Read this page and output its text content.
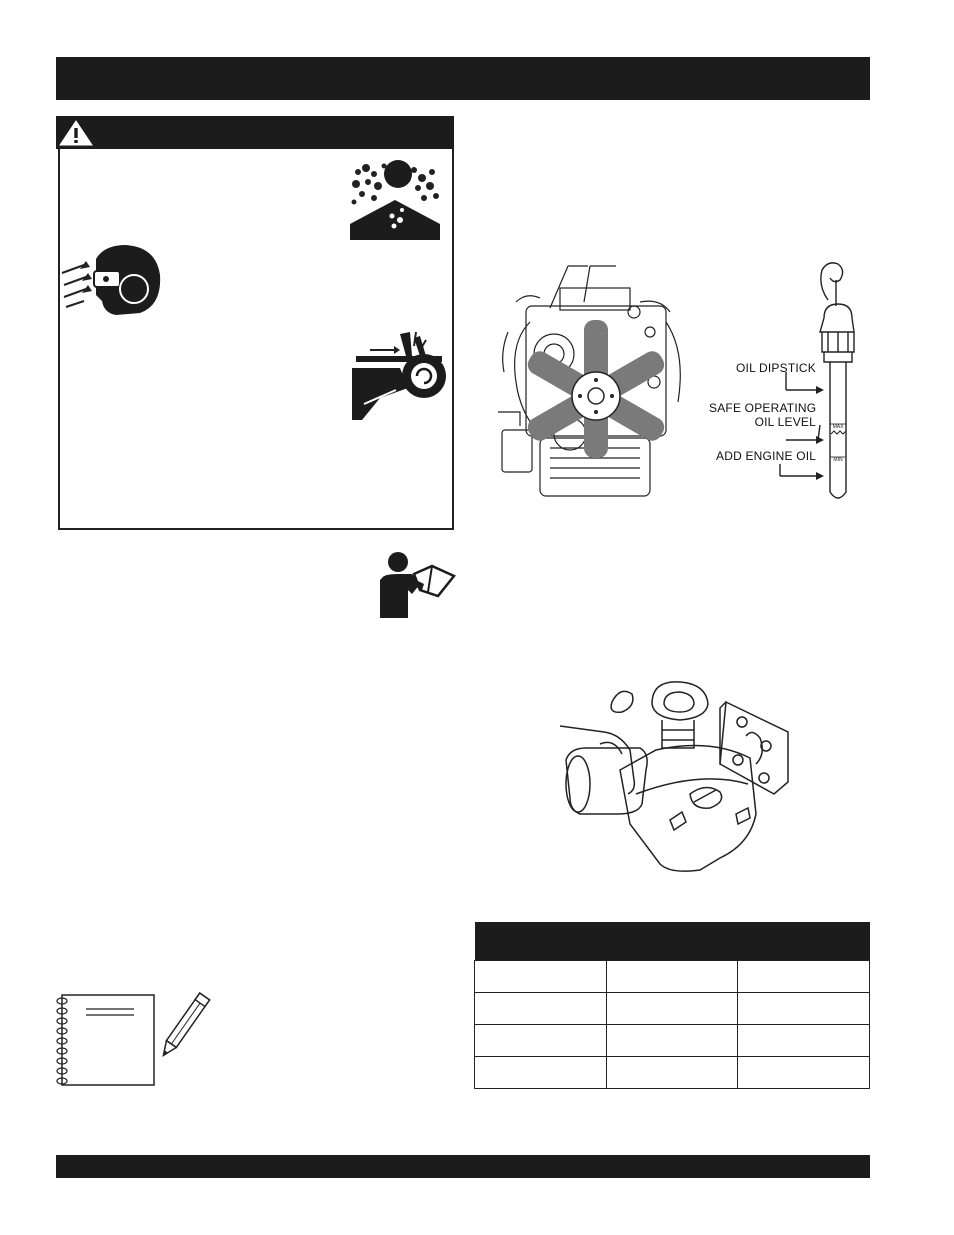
MAX
MIN
OIL DIPSTICK
SAFE OPERATING
OIL LEVEL
ADD ENGINE OIL
